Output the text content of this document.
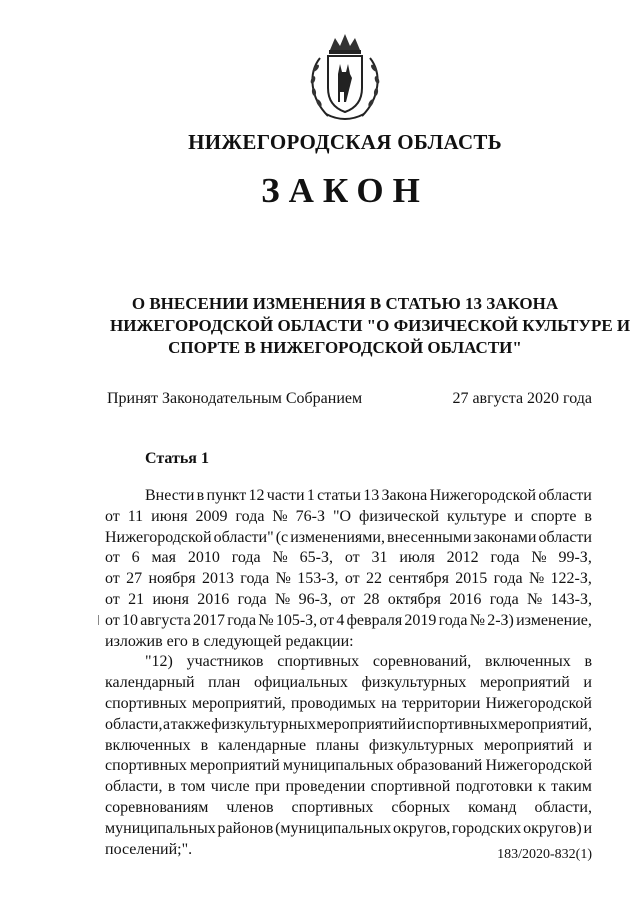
НИЖЕГОРОДСКАЯ ОБЛАСТЬ
ЗАКОН
О ВНЕСЕНИИ ИЗМЕНЕНИЯ В СТАТЬЮ 13 ЗАКОНА
НИЖЕГОРОДСКОЙ ОБЛАСТИ "О ФИЗИЧЕСКОЙ КУЛЬТУРЕ И
СПОРТЕ В НИЖЕГОРОДСКОЙ ОБЛАСТИ"
Принят Законодательным Собранием	27 августа 2020 года
Статья 1
Внести в пункт 12 части 1 статьи 13 Закона Нижегородской области
от 11 июня 2009 года № 76-З "О физической культуре и спорте в
Нижегородской области" (с изменениями, внесенными законами области
от 6 мая 2010 года № 65-З, от 31 июля 2012 года № 99-З,
от 27 ноября 2013 года № 153-З, от 22 сентября 2015 года № 122-З,
от 21 июня 2016 года № 96-З, от 28 октября 2016 года № 143-З,
от 10 августа 2017 года № 105-З, от 4 февраля 2019 года № 2-З) изменение,
изложив его в следующей редакции:
"12) участников спортивных соревнований, включенных в
календарный план официальных физкультурных мероприятий и
спортивных мероприятий, проводимых на территории Нижегородской
области, а также физкультурных мероприятий и спортивных мероприятий,
включенных в календарные планы физкультурных мероприятий и
спортивных мероприятий муниципальных образований Нижегородской
области, в том числе при проведении спортивной подготовки к таким
соревнованиям членов спортивных сборных команд области,
муниципальных районов (муниципальных округов, городских округов) и
поселений;".	183/2020-832(1)
